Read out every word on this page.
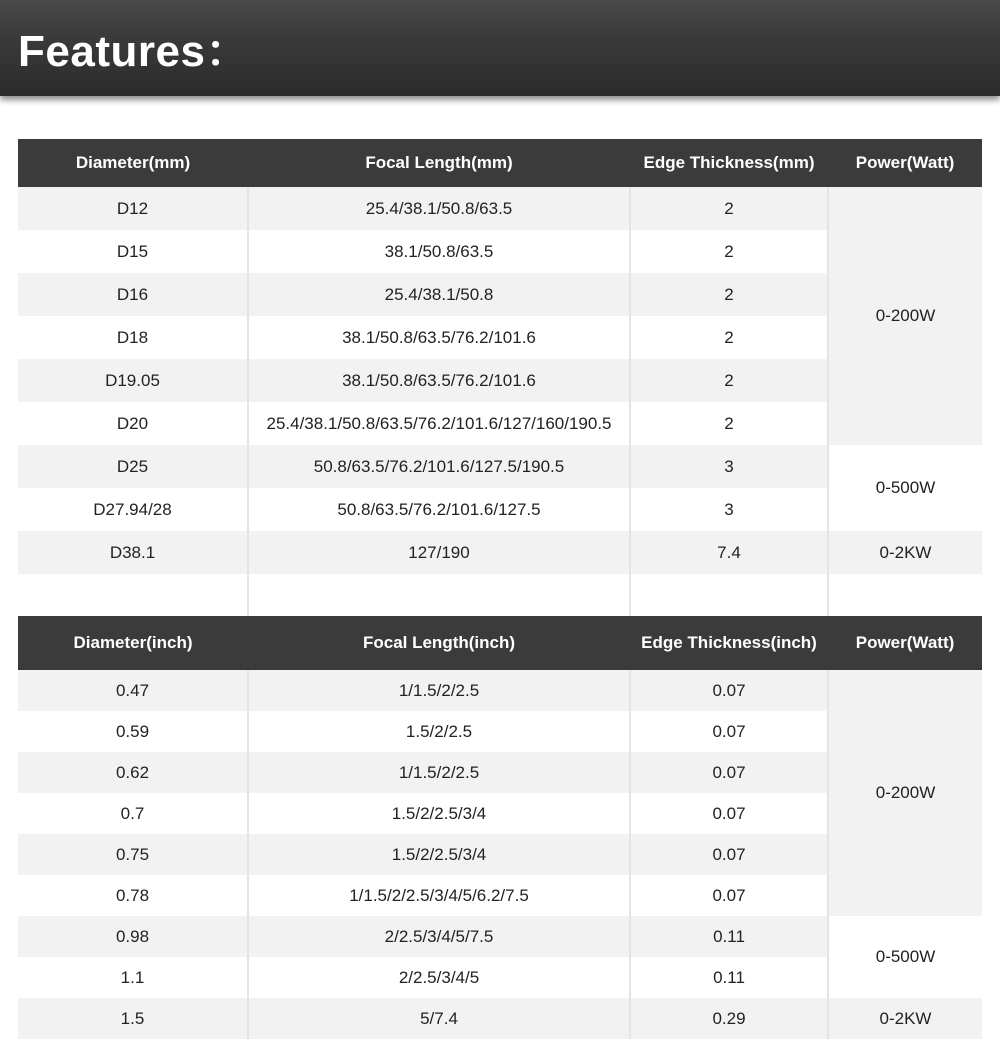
Features：
Diameter(mm)	Focal Length(mm)	Edge Thickness(mm)	Power(Watt)
D12	25.4/38.1/50.8/63.5	2	0-200W
D15	38.1/50.8/63.5	2	
D16	25.4/38.1/50.8	2	
D18	38.1/50.8/63.5/76.2/101.6	2	
D19.05	38.1/50.8/63.5/76.2/101.6	2	
D20	25.4/38.1/50.8/63.5/76.2/101.6/127/160/190.5	2	
D25	50.8/63.5/76.2/101.6/127.5/190.5	3	0-500W
D27.94/28	50.8/63.5/76.2/101.6/127.5	3	
D38.1	127/190	7.4	0-2KW

Diameter(inch)	Focal Length(inch)	Edge Thickness(inch)	Power(Watt)
0.47	1/1.5/2/2.5	0.07	0-200W
0.59	1.5/2/2.5	0.07	
0.62	1/1.5/2/2.5	0.07	
0.7	1.5/2/2.5/3/4	0.07	
0.75	1.5/2/2.5/3/4	0.07	
0.78	1/1.5/2/2.5/3/4/5/6.2/7.5	0.07	
0.98	2/2.5/3/4/5/7.5	0.11	0-500W
1.1	2/2.5/3/4/5	0.11	
1.5	5/7.4	0.29	0-2KW
